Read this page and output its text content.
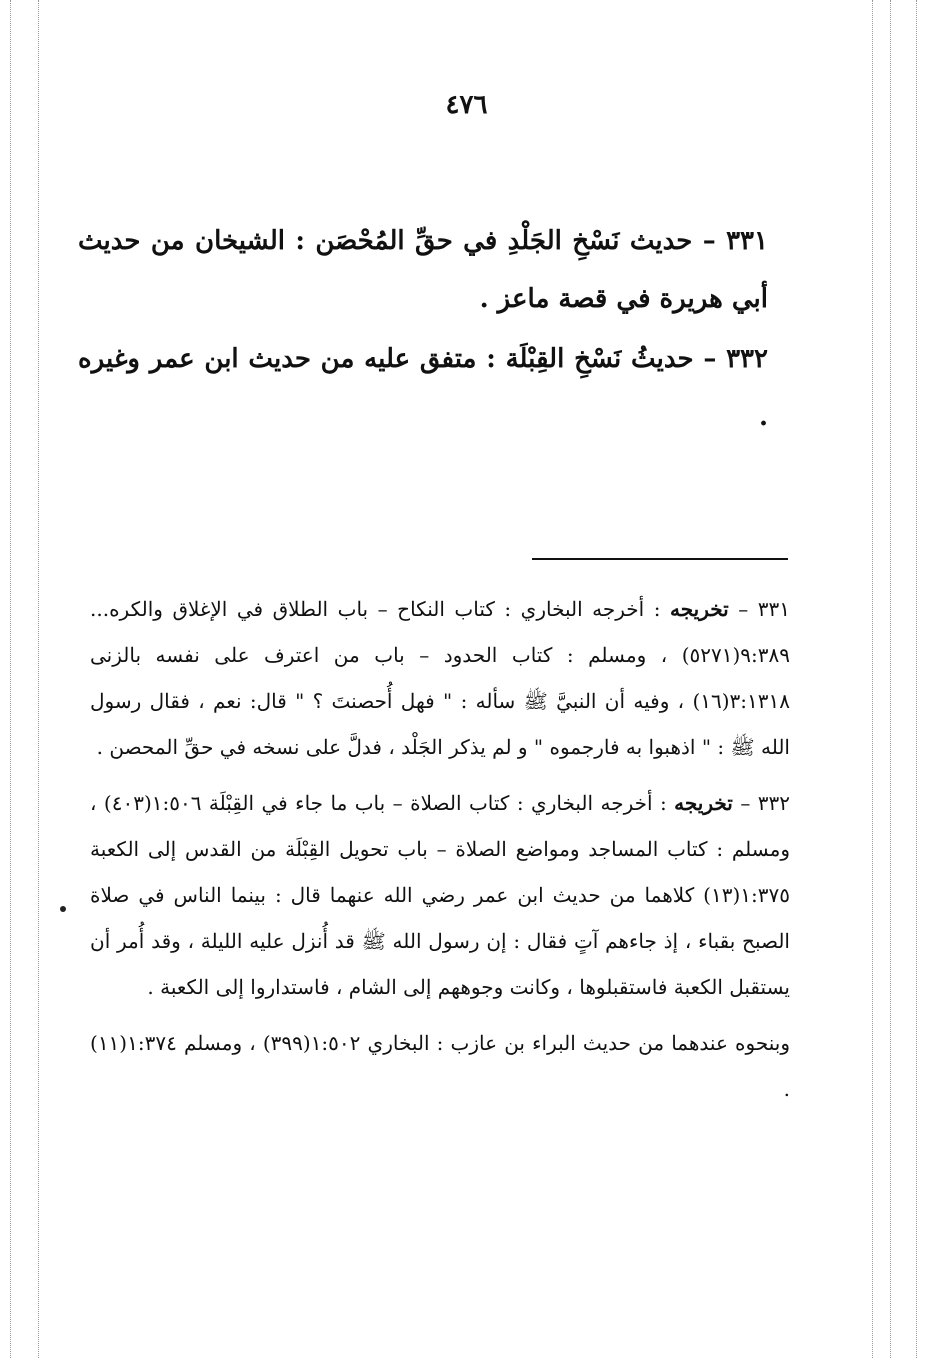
٤٧٦

٣٣١ – حديث نَسْخِ الجَلْدِ في حقِّ المُحْصَن : الشيخان من حديث أبي هريرة في قصة ماعز .

٣٣٢ – حديثُ نَسْخِ القِبْلَة : متفق عليه من حديث ابن عمر وغيره .

٣٣١ – تخريجه : أخرجه البخاري : كتاب النكاح – باب الطلاق في الإغلاق والكره... ٩:٣٨٩(٥٢٧١) ، ومسلم : كتاب الحدود – باب من اعترف على نفسه بالزنى ٣:١٣١٨(١٦) ، وفيه أن النبيَّ ﷺ سأله : " فهل أُحصنتَ ؟ " قال: نعم ، فقال رسول الله ﷺ : " اذهبوا به فارجموه " و لم يذكر الجَلْد ، فدلَّ على نسخه في حقِّ المحصن .

٣٣٢ – تخريجه : أخرجه البخاري : كتاب الصلاة – باب ما جاء في القِبْلَة ١:٥٠٦(٤٠٣) ، ومسلم : كتاب المساجد ومواضع الصلاة – باب تحويل القِبْلَة من القدس إلى الكعبة ١:٣٧٥(١٣) كلاهما من حديث ابن عمر رضي الله عنهما قال : بينما الناس في صلاة الصبح بقباء ، إذ جاءهم آتٍ فقال : إن رسول الله ﷺ قد أُنزل عليه الليلة ، وقد أُمر أن يستقبل الكعبة فاستقبلوها ، وكانت وجوههم إلى الشام ، فاستداروا إلى الكعبة .

وبنحوه عندهما من حديث البراء بن عازب : البخاري ١:٥٠٢(٣٩٩) ، ومسلم ١:٣٧٤(١١) .
